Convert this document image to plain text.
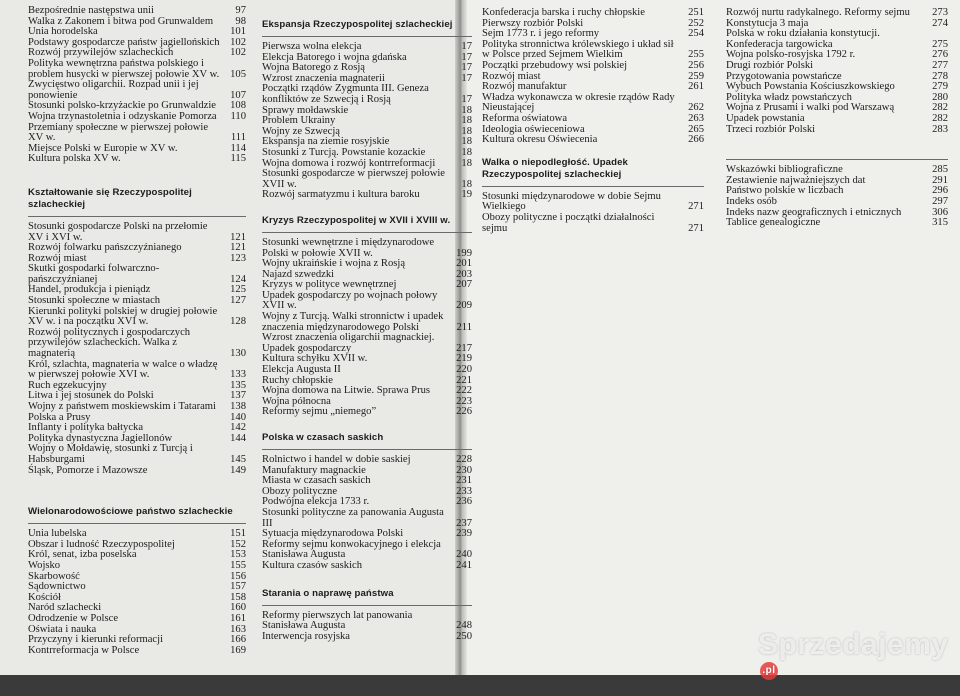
Bezpośrednie następstwa unii	97
Walka z Zakonem i bitwa pod Grunwaldem	98
Unia horodelska	101
Podstawy gospodarcze państw jagiellońskich 102
Rozwój przywilejów szlacheckich	102
Polityka wewnętrzna państwa polskiego i problem husycki w pierwszej połowie XV w.	105
Zwycięstwo oligarchii. Rozpad unii i jej ponowienie	107
Stosunki polsko-krzyżackie po Grunwaldzie	108
Wojna trzynastoletnia i odzyskanie Pomorza	110
Przemiany społeczne w pierwszej połowie XV w.	111
Miejsce Polski w Europie w XV w.	114
Kultura polska XV w.	115
Kształtowanie się Rzeczypospolitej szlacheckiej
Stosunki gospodarcze Polski na przełomie XV i XVI w.	121
Rozwój folwarku pańszczyźnianego	121
Rozwój miast	123
Skutki gospodarki folwarczno-pańszczyźnianej	124
Handel, produkcja i pieniądz	125
Stosunki społeczne w miastach	127
Kierunki polityki polskiej w drugiej połowie XV w. i na początku XVI w.	128
Rozwój politycznych i gospodarczych przywilejów szlacheckich. Walka z magnaterią	130
Król, szlachta, magnateria w walce o władzę w pierwszej połowie XVI w.	133
Ruch egzekucyjny	135
Litwa i jej stosunek do Polski	137
Wojny z państwem moskiewskim i Tatarami	138
Polska a Prusy	140
Inflanty i polityka bałtycka	142
Polityka dynastyczna Jagiellonów	144
Wojny o Mołdawię, stosunki z Turcją i Habsburgami	145
Śląsk, Pomorze i Mazowsze	149
Wielonarodowościowe państwo szlacheckie
Unia lubelska	151
Obszar i ludność Rzeczypospolitej	152
Król, senat, izba poselska	153
Wojsko	155
Skarbowość	156
Sądownictwo	157
Kościół	158
Naród szlachecki	160
Odrodzenie w Polsce	161
Oświata i nauka	163
Przyczyny i kierunki reformacji	166
Kontrreformacja w Polsce	169
Ekspansja Rzeczypospolitej szlacheckiej
Pierwsza wolna elekcja	17
Elekcja Batorego i wojna gdańska	17
Wojna Batorego z Rosją	17
Wzrost znaczenia magnaterii	17
Początki rządów Zygmunta III. Geneza konfliktów ze Szwecją i Rosją	17
Sprawy mołdawskie	18
Problem Ukrainy	18
Wojny ze Szwecją	18
Ekspansja na ziemie rosyjskie	18
Stosunki z Turcją. Powstanie kozackie	18
Wojna domowa i rozwój kontrreformacji	18
Stosunki gospodarcze w pierwszej połowie XVII w.	18
Rozwój sarmatyzmu i kultura baroku	19
Kryzys Rzeczypospolitej w XVII i XVIII w.
Stosunki wewnętrzne i międzynarodowe Polski w połowie XVII w.	199
Wojny ukraińskie i wojna z Rosją	201
Najazd szwedzki	203
Kryzys w polityce wewnętrznej	207
Upadek gospodarczy po wojnach połowy XVII w.	209
Wojny z Turcją. Walki stronnictw i upadek znaczenia międzynarodowego Polski	211
Wzrost znaczenia oligarchii magnackiej. Upadek gospodarczy	217
Kultura schyłku XVII w.	219
Elekcja Augusta II	220
Ruchy chłopskie	221
Wojna domowa na Litwie. Sprawa Prus	222
Wojna północna	223
Reformy sejmu „niemego”	226
Polska w czasach saskich
Rolnictwo i handel w dobie saskiej	228
Manufaktury magnackie	230
Miasta w czasach saskich	231
Obozy polityczne	233
Podwójna elekcja 1733 r.	236
Stosunki polityczne za panowania Augusta III	237
Sytuacja międzynarodowa Polski	239
Reformy sejmu konwokacyjnego i elekcja Stanisława Augusta	240
Kultura czasów saskich	241
Starania o naprawę państwa
Reformy pierwszych lat panowania Stanisława Augusta	248
Interwencja rosyjska	250
Konfederacja barska i ruchy chłopskie	251
Pierwszy rozbiór Polski	252
Sejm 1773 r. i jego reformy	254
Polityka stronnictwa królewskiego i układ sił w Polsce przed Sejmem Wielkim	255
Początki przebudowy wsi polskiej	256
Rozwój miast	259
Rozwój manufaktur	261
Władza wykonawcza w okresie rządów Rady Nieustającej	262
Reforma oświatowa	263
Ideologia oświeceniowa	265
Kultura okresu Oświecenia	266
Walka o niepodległość. Upadek Rzeczypospolitej szlacheckiej
Stosunki międzynarodowe w dobie Sejmu Wielkiego	271
Obozy polityczne i początki działalności sejmu	271
Rozwój nurtu radykalnego. Reformy sejmu	273
Konstytucja 3 maja	274
Polska w roku działania konstytucji. Konfederacja targowicka	275
Wojna polsko-rosyjska 1792 r.	276
Drugi rozbiór Polski	277
Przygotowania powstańcze	278
Wybuch Powstania Kościuszkowskiego	279
Polityka władz powstańczych	280
Wojna z Prusami i walki pod Warszawą	282
Upadek powstania	282
Trzeci rozbiór Polski	283
Wskazówki bibliograficzne	285
Zestawienie najważniejszych dat	291
Państwo polskie w liczbach	296
Indeks osób	297
Indeks nazw geograficznych i etnicznych	306
Tablice genealogiczne	315
Sprzedajemy.pl
